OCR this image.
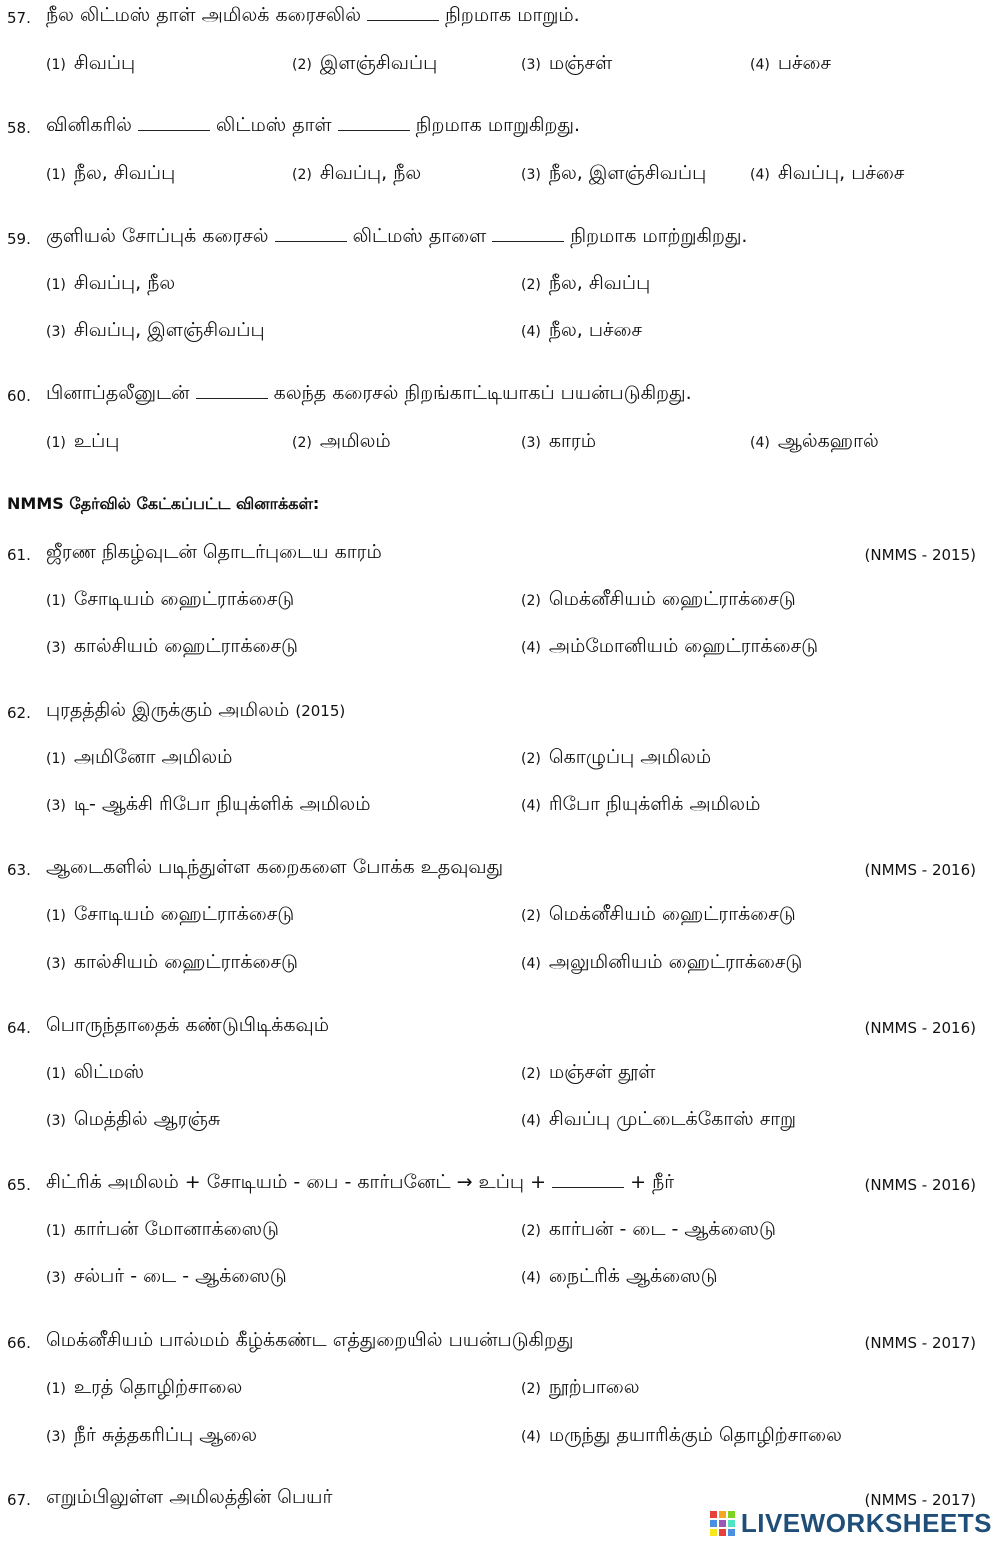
57. நீல லிட்மஸ் தாள் அமிலக் கரைசலில்	நிறமாக மாறும்.
(1) சிவப்பு	(2) இளஞ்சிவப்பு	(3) மஞ்சள்	(4) பச்சை
58. வினிகரில்	லிட்மஸ் தாள்	நிறமாக மாறுகிறது.
(1) நீல, சிவப்பு	(2) சிவப்பு, நீல	(3) நீல, இளஞ்சிவப்பு	(4) சிவப்பு, பச்சை
59. குளியல் சோப்புக் கரைசல்	லிட்மஸ் தாளை	நிறமாக மாற்றுகிறது.
(1) சிவப்பு, நீல	(2) நீல, சிவப்பு
(3) சிவப்பு, இளஞ்சிவப்பு	(4) நீல, பச்சை
60. பினாப்தலீனுடன்	கலந்த கரைசல் நிறங்காட்டியாகப் பயன்படுகிறது.
(1) உப்பு	(2) அமிலம்	(3) காரம்	(4) ஆல்கஹால்
NMMS தேர்வில் கேட்கப்பட்ட வினாக்கள்:
61. ஜீரண நிகழ்வுடன் தொடர்புடைய காரம்	(NMMS - 2015)
(1) சோடியம் ஹைட்ராக்சைடு	(2) மெக்னீசியம் ஹைட்ராக்சைடு
(3) கால்சியம் ஹைட்ராக்சைடு	(4) அம்மோனியம் ஹைட்ராக்சைடு
62. புரதத்தில் இருக்கும் அமிலம் (2015)
(1) அமினோ அமிலம்	(2) கொழுப்பு அமிலம்
(3) டி- ஆக்சி ரிபோ நியுக்ளிக் அமிலம்	(4) ரிபோ நியுக்ளிக் அமிலம்
63. ஆடைகளில் படிந்துள்ள கறைகளை போக்க உதவுவது	(NMMS - 2016)
(1) சோடியம் ஹைட்ராக்சைடு	(2) மெக்னீசியம் ஹைட்ராக்சைடு
(3) கால்சியம் ஹைட்ராக்சைடு	(4) அலுமினியம் ஹைட்ராக்சைடு
64. பொருந்தாதைக் கண்டுபிடிக்கவும்	(NMMS - 2016)
(1) லிட்மஸ்	(2) மஞ்சள் தூள்
(3) மெத்தில் ஆரஞ்சு	(4) சிவப்பு முட்டைக்கோஸ் சாறு
65. சிட்ரிக் அமிலம் + சோடியம் - பை - கார்பனேட் → உப்பு +	+ நீர்	(NMMS - 2016)
(1) கார்பன் மோனாக்ஸைடு	(2) கார்பன் - டை - ஆக்ஸைடு
(3) சல்பர் - டை - ஆக்ஸைடு	(4) நைட்ரிக் ஆக்ஸைடு
66. மெக்னீசியம் பால்மம் கீழ்க்கண்ட எத்துறையில் பயன்படுகிறது	(NMMS - 2017)
(1) உரத் தொழிற்சாலை	(2) நூற்பாலை
(3) நீர் சுத்தகரிப்பு ஆலை	(4) மருந்து தயாரிக்கும் தொழிற்சாலை
67. எறும்பிலுள்ள அமிலத்தின் பெயர்	(NMMS - 2017)
LIVEWORKSHEETS
